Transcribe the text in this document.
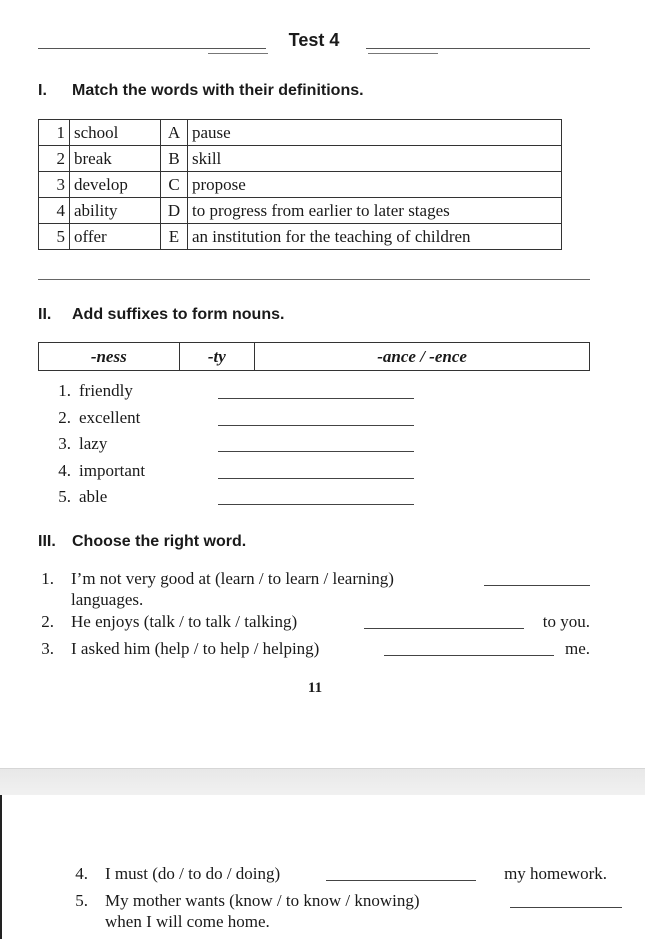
Test 4
I. Match the words with their definitions.
1	school	A	pause
2	break	B	skill
3	develop	C	propose
4	ability	D	to progress from earlier to later stages
5	offer	E	an institution for the teaching of children
II. Add suffixes to form nouns.
-ness	-ty	-ance / -ence
1. friendly
2. excellent
3. lazy
4. important
5. able
III. Choose the right word.
1. I’m not very good at (learn / to learn / learning)
languages.
2. He enjoys (talk / to talk / talking)	to you.
3. I asked him (help / to help / helping)	me.
11
4. I must (do / to do / doing)	my homework.
5. My mother wants (know / to know / knowing)
when I will come home.
